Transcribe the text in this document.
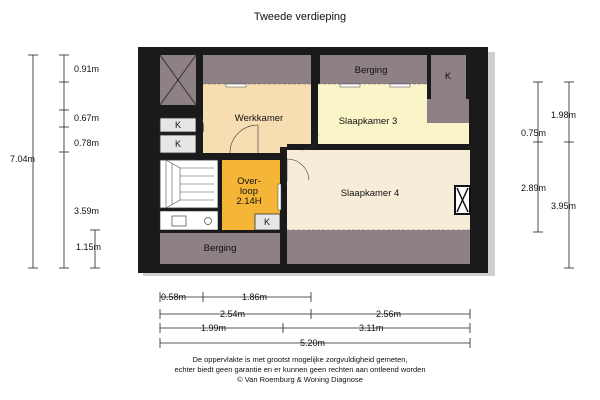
Tweede verdieping
Werkkamer	Slaapkamer 3
Slaapkamer 4
Berging
Berging
Over-
loop
2.14H
K
K
K
K
0.91m
0.67m
0.78m
7.04m
3.59m
1.15m
1.98m
0.75m
2.89m
3.95m
0.58m	1.86m
2.54m	2.56m
1.99m	3.11m
5.20m
De oppervlakte is met grootst mogelijke zorgvuldigheid gemeten,
echter biedt geen garantie en er kunnen geen rechten aan ontleend worden
© Van Roemburg & Woning Diagnose
